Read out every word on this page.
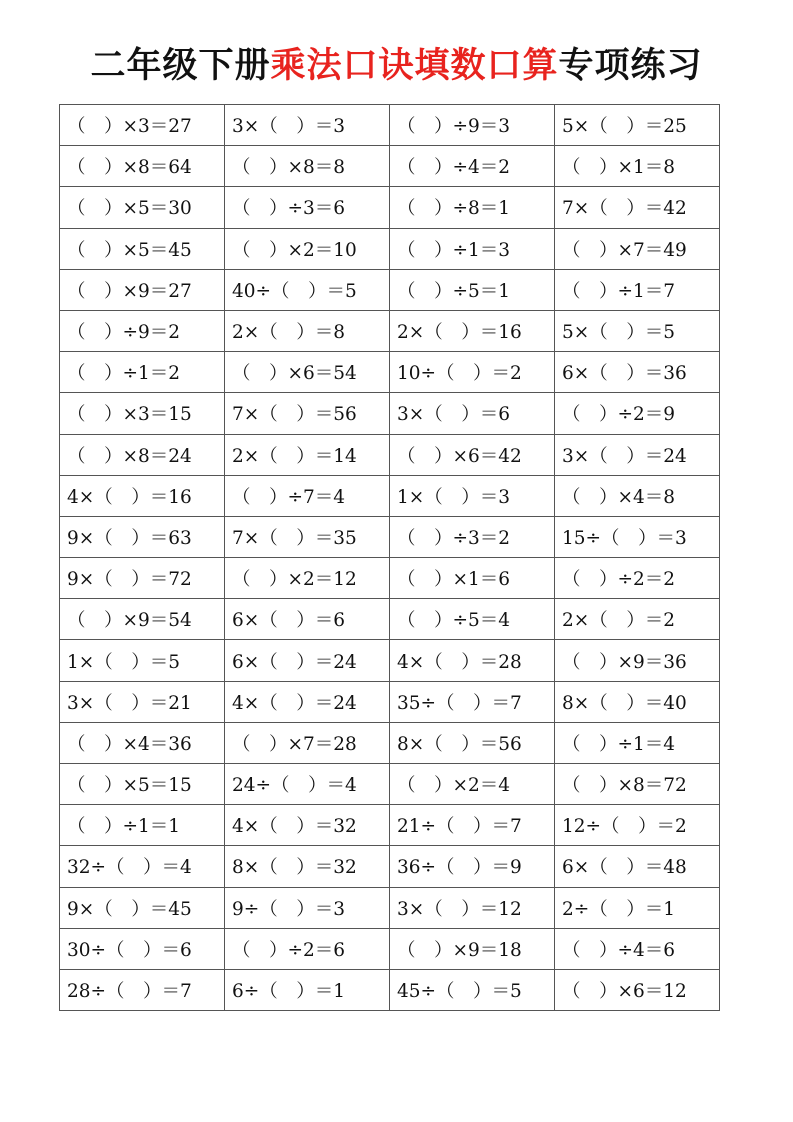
二年级下册乘法口诀填数口算专项练习
（　）×3＝27	3×（　）＝3	（　）÷9＝3	5×（　）＝25
（　）×8＝64	（　）×8＝8	（　）÷4＝2	（　）×1＝8
（　）×5＝30	（　）÷3＝6	（　）÷8＝1	7×（　）＝42
（　）×5＝45	（　）×2＝10	（　）÷1＝3	（　）×7＝49
（　）×9＝27	40÷（　）＝5	（　）÷5＝1	（　）÷1＝7
（　）÷9＝2	2×（　）＝8	2×（　）＝16	5×（　）＝5
（　）÷1＝2	（　）×6＝54	10÷（　）＝2	6×（　）＝36
（　）×3＝15	7×（　）＝56	3×（　）＝6	（　）÷2＝9
（　）×8＝24	2×（　）＝14	（　）×6＝42	3×（　）＝24
4×（　）＝16	（　）÷7＝4	1×（　）＝3	（　）×4＝8
9×（　）＝63	7×（　）＝35	（　）÷3＝2	15÷（　）＝3
9×（　）＝72	（　）×2＝12	（　）×1＝6	（　）÷2＝2
（　）×9＝54	6×（　）＝6	（　）÷5＝4	2×（　）＝2
1×（　）＝5	6×（　）＝24	4×（　）＝28	（　）×9＝36
3×（　）＝21	4×（　）＝24	35÷（　）＝7	8×（　）＝40
（　）×4＝36	（　）×7＝28	8×（　）＝56	（　）÷1＝4
（　）×5＝15	24÷（　）＝4	（　）×2＝4	（　）×8＝72
（　）÷1＝1	4×（　）＝32	21÷（　）＝7	12÷（　）＝2
32÷（　）＝4	8×（　）＝32	36÷（　）＝9	6×（　）＝48
9×（　）＝45	9÷（　）＝3	3×（　）＝12	2÷（　）＝1
30÷（　）＝6	（　）÷2＝6	（　）×9＝18	（　）÷4＝6
28÷（　）＝7	6÷（　）＝1	45÷（　）＝5	（　）×6＝12
